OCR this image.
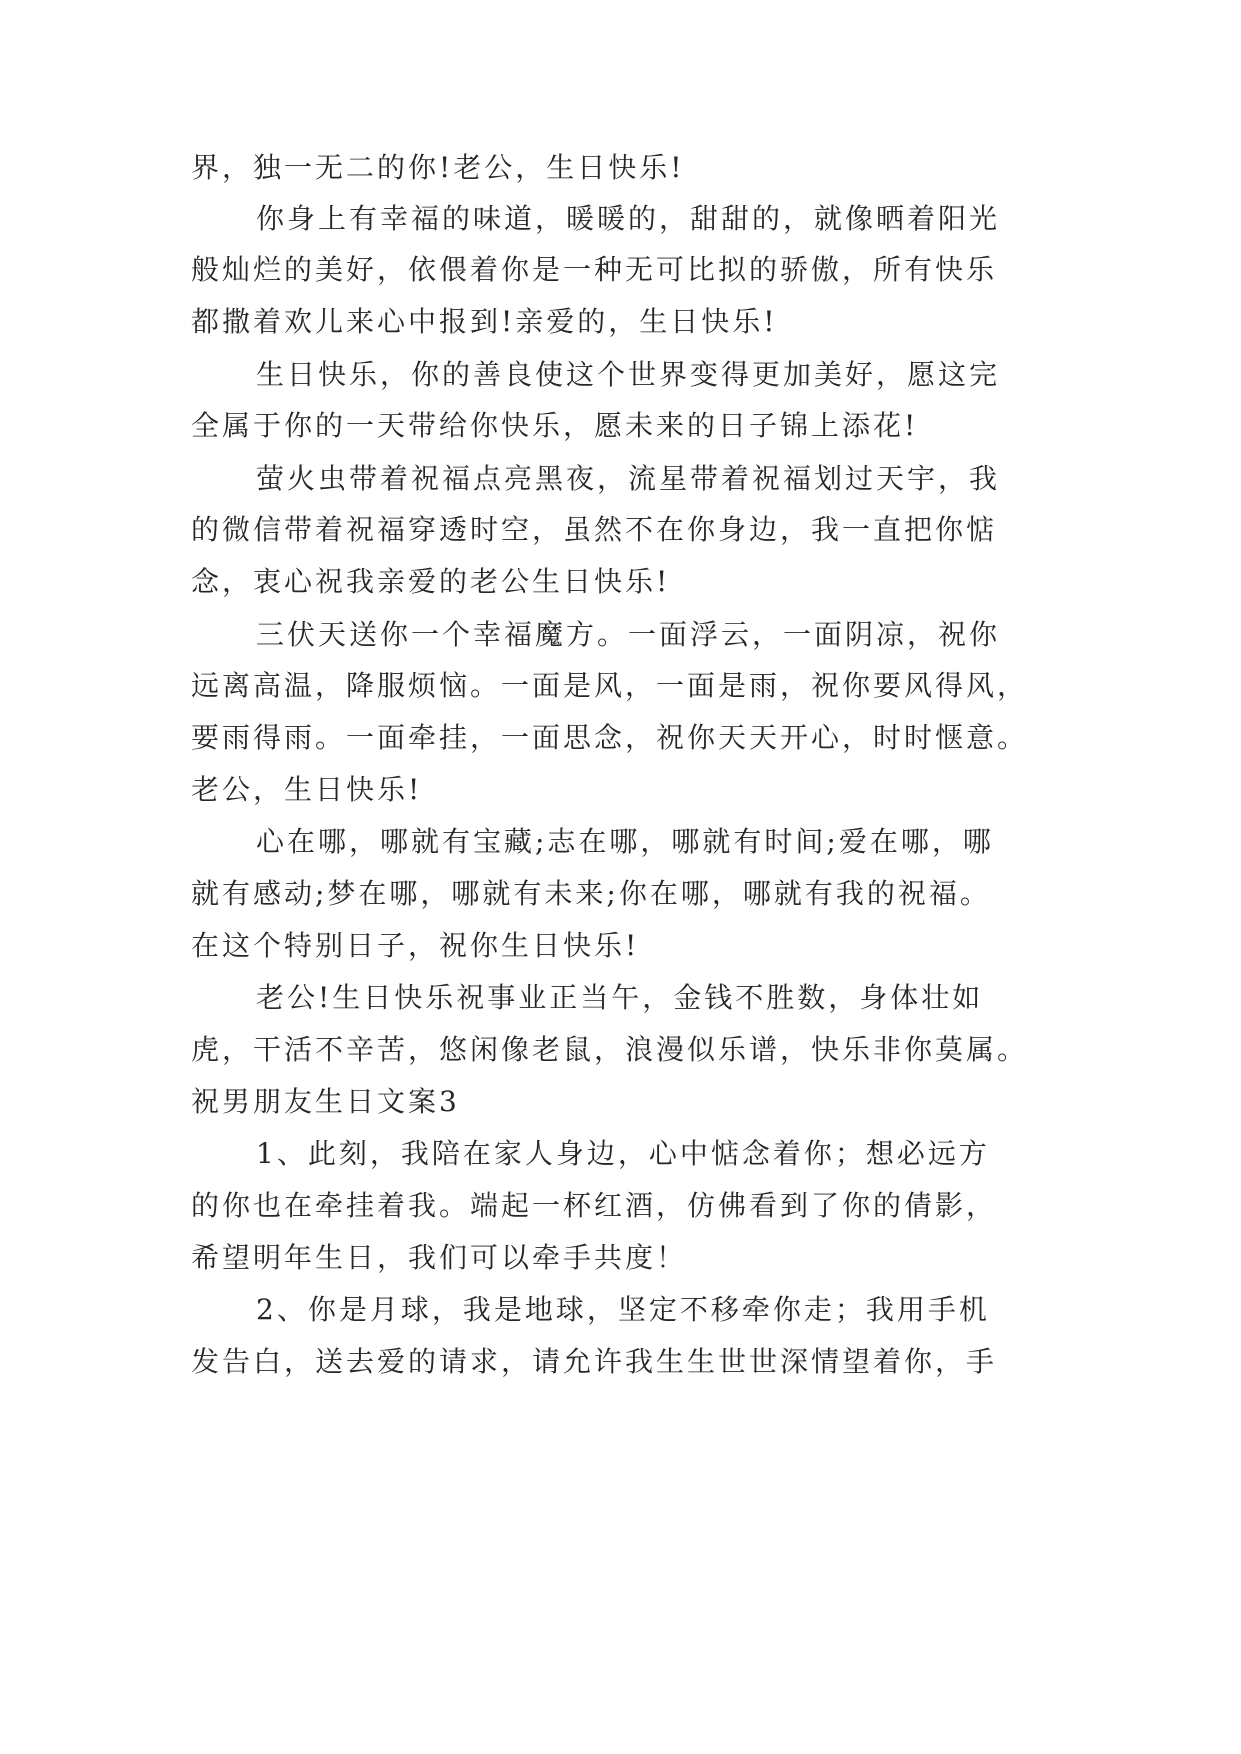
界，独一无二的你!老公，生日快乐!

你身上有幸福的味道，暖暖的，甜甜的，就像晒着阳光

般灿烂的美好，依偎着你是一种无可比拟的骄傲，所有快乐

都撒着欢儿来心中报到!亲爱的，生日快乐!

生日快乐，你的善良使这个世界变得更加美好，愿这完

全属于你的一天带给你快乐，愿未来的日子锦上添花!

萤火虫带着祝福点亮黑夜，流星带着祝福划过天宇，我

的微信带着祝福穿透时空，虽然不在你身边，我一直把你惦

念，衷心祝我亲爱的老公生日快乐!

三伏天送你一个幸福魔方。一面浮云，一面阴凉，祝你

远离高温，降服烦恼。一面是风，一面是雨，祝你要风得风，

要雨得雨。一面牵挂，一面思念，祝你天天开心，时时惬意。

老公，生日快乐!

心在哪，哪就有宝藏;志在哪，哪就有时间;爱在哪，哪

就有感动;梦在哪，哪就有未来;你在哪，哪就有我的祝福。

在这个特别日子，祝你生日快乐!

老公!生日快乐祝事业正当午，金钱不胜数，身体壮如

虎，干活不辛苦，悠闲像老鼠，浪漫似乐谱，快乐非你莫属。

祝男朋友生日文案3

1、此刻，我陪在家人身边，心中惦念着你；想必远方

的你也在牵挂着我。端起一杯红酒，仿佛看到了你的倩影，

希望明年生日，我们可以牵手共度！

2、你是月球，我是地球，坚定不移牵你走；我用手机

发告白，送去爱的请求，请允许我生生世世深情望着你，手
